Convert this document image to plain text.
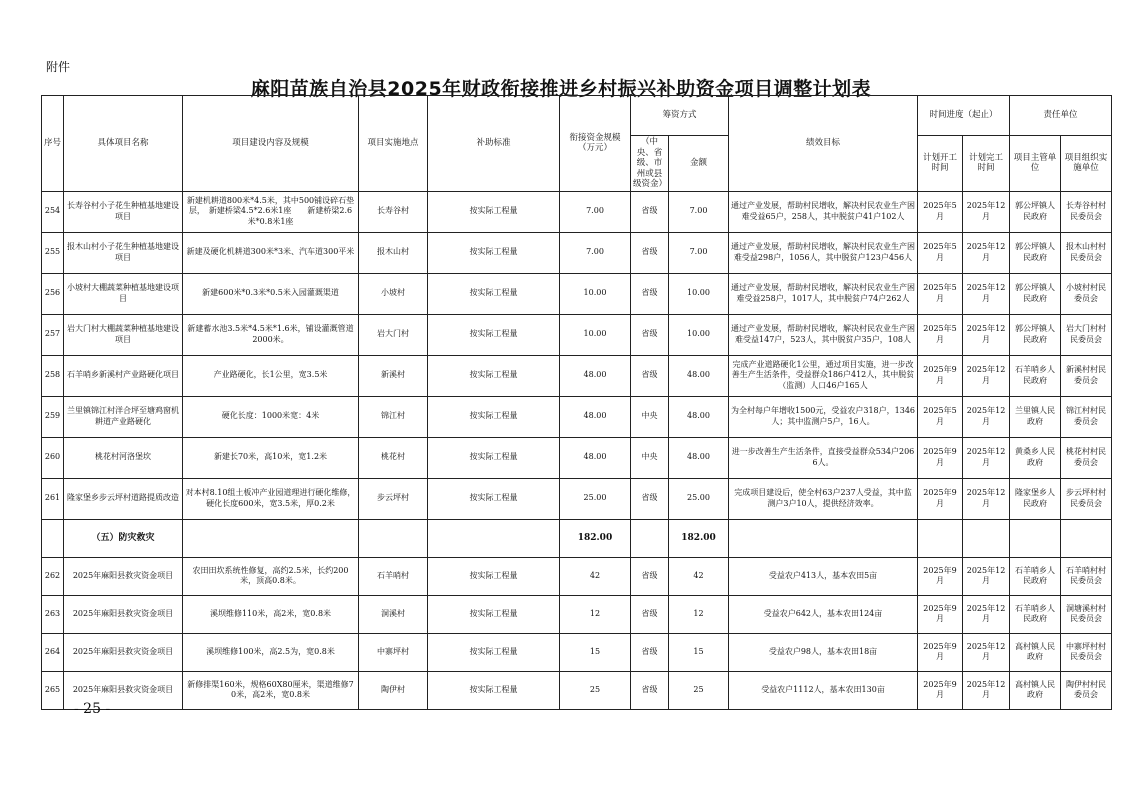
附件
麻阳苗族自治县2025年财政衔接推进乡村振兴补助资金项目调整计划表
序号	具体项目名称	项目建设内容及规模	项目实施地点	补助标准	衔接资金规模（万元）	筹资方式		绩效目标	时间进度（起止）		责任单位	
						（中央、省级、市州或县级资金）	金额		计划开工时间	计划完工时间	项目主管单位	项目组织实施单位
254	长寿谷村小子花生种植基地建设项目	新建机耕道800米*4.5米，其中500铺设碎石垫层，　新建桥梁4.5*2.6米1座　　新建桥梁2.6米*0.8米1座	长寿谷村	按实际工程量	7.00	省级	7.00	通过产业发展，帮助村民增收，解决村民农业生产困难受益65户，258人，其中脱贫户41户102人	2025年5月	2025年12月	郭公坪镇人民政府	长寿谷村村民委员会
255	报木山村小子花生种植基地建设项目	新建及硬化机耕道300米*3米、汽车道300平米	报木山村	按实际工程量	7.00	省级	7.00	通过产业发展，帮助村民增收，解决村民农业生产困难受益298户，1056人，其中脱贫户123户456人	2025年5月	2025年12月	郭公坪镇人民政府	报木山村村民委员会
256	小坡村大棚蔬菜种植基地建设项目	新建600米*0.3米*0.5米入园灌溉渠道	小坡村	按实际工程量	10.00	省级	10.00	通过产业发展，帮助村民增收，解决村民农业生产困难受益258户，1017人，其中脱贫户74户262人	2025年5月	2025年12月	郭公坪镇人民政府	小坡村村民委员会
257	岩大门村大棚蔬菜种植基地建设项目	新建蓄水池3.5米*4.5米*1.6米，铺设灌溉管道2000米。	岩大门村	按实际工程量	10.00	省级	10.00	通过产业发展，帮助村民增收，解决村民农业生产困难受益147户，523人，其中脱贫户35户，108人	2025年5月	2025年12月	郭公坪镇人民政府	岩大门村村民委员会
258	石羊哨乡新溪村产业路硬化项目	产业路硬化，长1公里，宽3.5米	新溪村	按实际工程量	48.00	省级	48.00	完成产业道路硬化1公里，通过项目实施，进一步改善生产生活条件，受益群众186户412人，其中脱贫（监测）人口46户165人	2025年9月	2025年12月	石羊哨乡人民政府	新溪村村民委员会
259	兰里镇锦江村洋合坪至塘鸡窗机耕道产业路硬化	硬化长度：1000米宽：4米	锦江村	按实际工程量	48.00	中央	48.00	为全村每户年增收1500元，受益农户318户，1346人；其中监测户5户，16人。	2025年5月	2025年12月	兰里镇人民政府	锦江村村民委员会
260	桃花村河洛堡坎	新建长70米，高10米，宽1.2米	桃花村	按实际工程量	48.00	中央	48.00	进一步改善生产生活条件，直接受益群众534户2066人。	2025年9月	2025年12月	黄桑乡人民政府	桃花村村民委员会
261	隆家堡乡步云坪村道路提质改造	对本村8.10组土板冲产业园道理进行硬化维修，硬化长度600米，宽3.5米，厚0.2米	步云坪村	按实际工程量	25.00	省级	25.00	完成项目建设后，使全村63户237人受益，其中监测户3户10人，提供经济效率。	2025年9月	2025年12月	隆家堡乡人民政府	步云坪村村民委员会
	（五）防灾救灾				182.00		182.00					
262	2025年麻阳县救灾资金项目	农田田坎系统性修复，高约2.5米，长约200米，顶高0.8米。	石羊哨村	按实际工程量	42	省级	42	受益农户413人，基本农田5亩	2025年9月	2025年12月	石羊哨乡人民政府	石羊哨村村民委员会
263	2025年麻阳县救灾资金项目	溪坝维修110米，高2米，宽0.8米	洞溪村	按实际工程量	12	省级	12	受益农户642人，基本农田124亩	2025年9月	2025年12月	石羊哨乡人民政府	洞塘溪村村民委员会
264	2025年麻阳县救灾资金项目	溪坝维修100米，高2.5为，宽0.8米	中寨坪村	按实际工程量	15	省级	15	受益农户98人，基本农田18亩	2025年9月	2025年12月	高村镇人民政府	中寨坪村村民委员会
265	2025年麻阳县救灾资金项目	新修排渠160米，规格60X80厘米，渠道维修70米，高2米，宽0.8米	陶伊村	按实际工程量	25	省级	25	受益农户1112人，基本农田130亩	2025年9月	2025年12月	高村镇人民政府	陶伊村村民委员会
- 25 -
